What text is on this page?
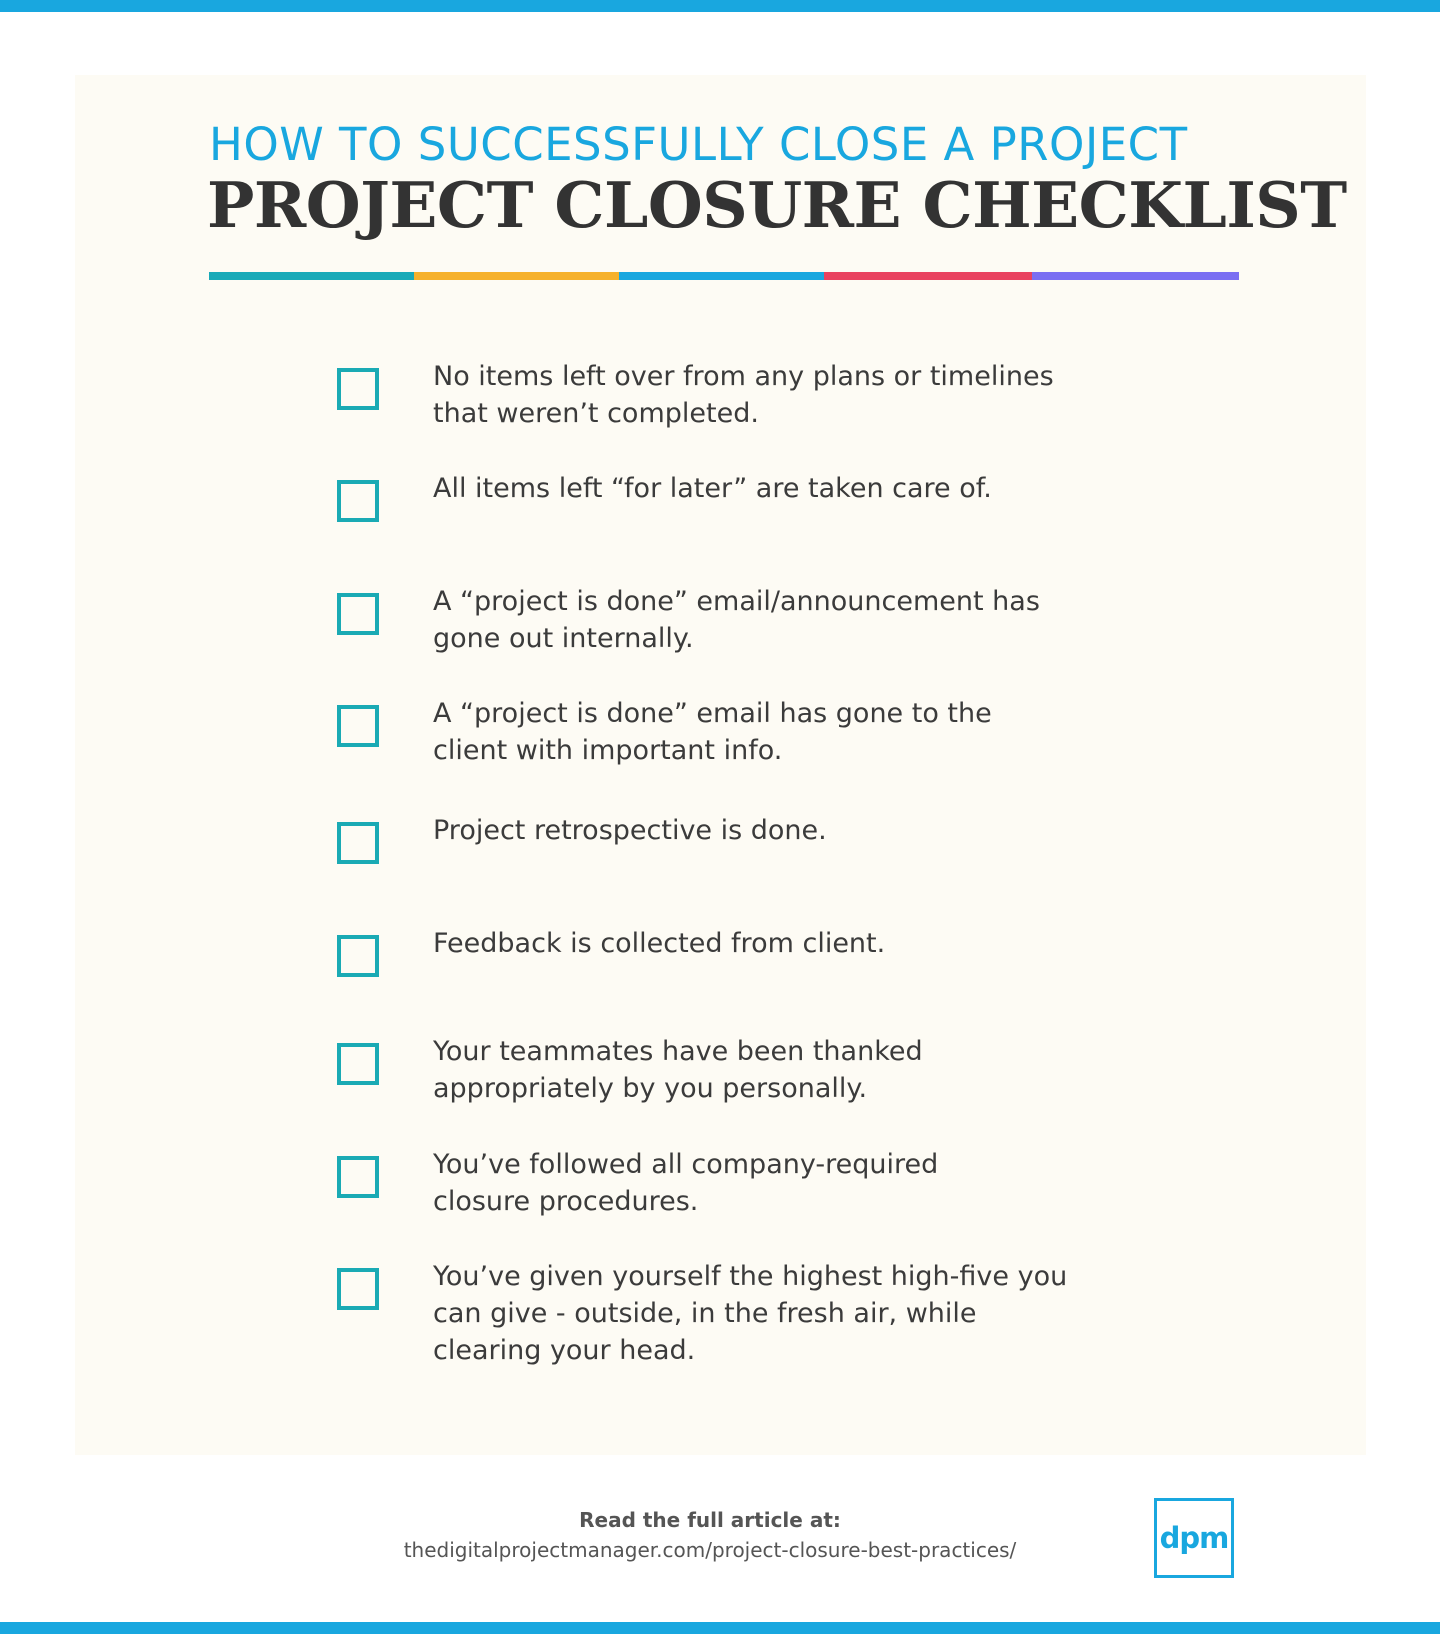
HOW TO SUCCESSFULLY CLOSE A PROJECT
PROJECT CLOSURE CHECKLIST
No items left over from any plans or timelines
that weren’t completed.
All items left “for later” are taken care of.
A “project is done” email/announcement has
gone out internally.
A “project is done” email has gone to the
client with important info.
Project retrospective is done.
Feedback is collected from client.
Your teammates have been thanked
appropriately by you personally.
You’ve followed all company-required
closure procedures.
You’ve given yourself the highest high-five you
can give - outside, in the fresh air, while
clearing your head.
Read the full article at:
thedigitalprojectmanager.com/project-closure-best-practices/	dpm
